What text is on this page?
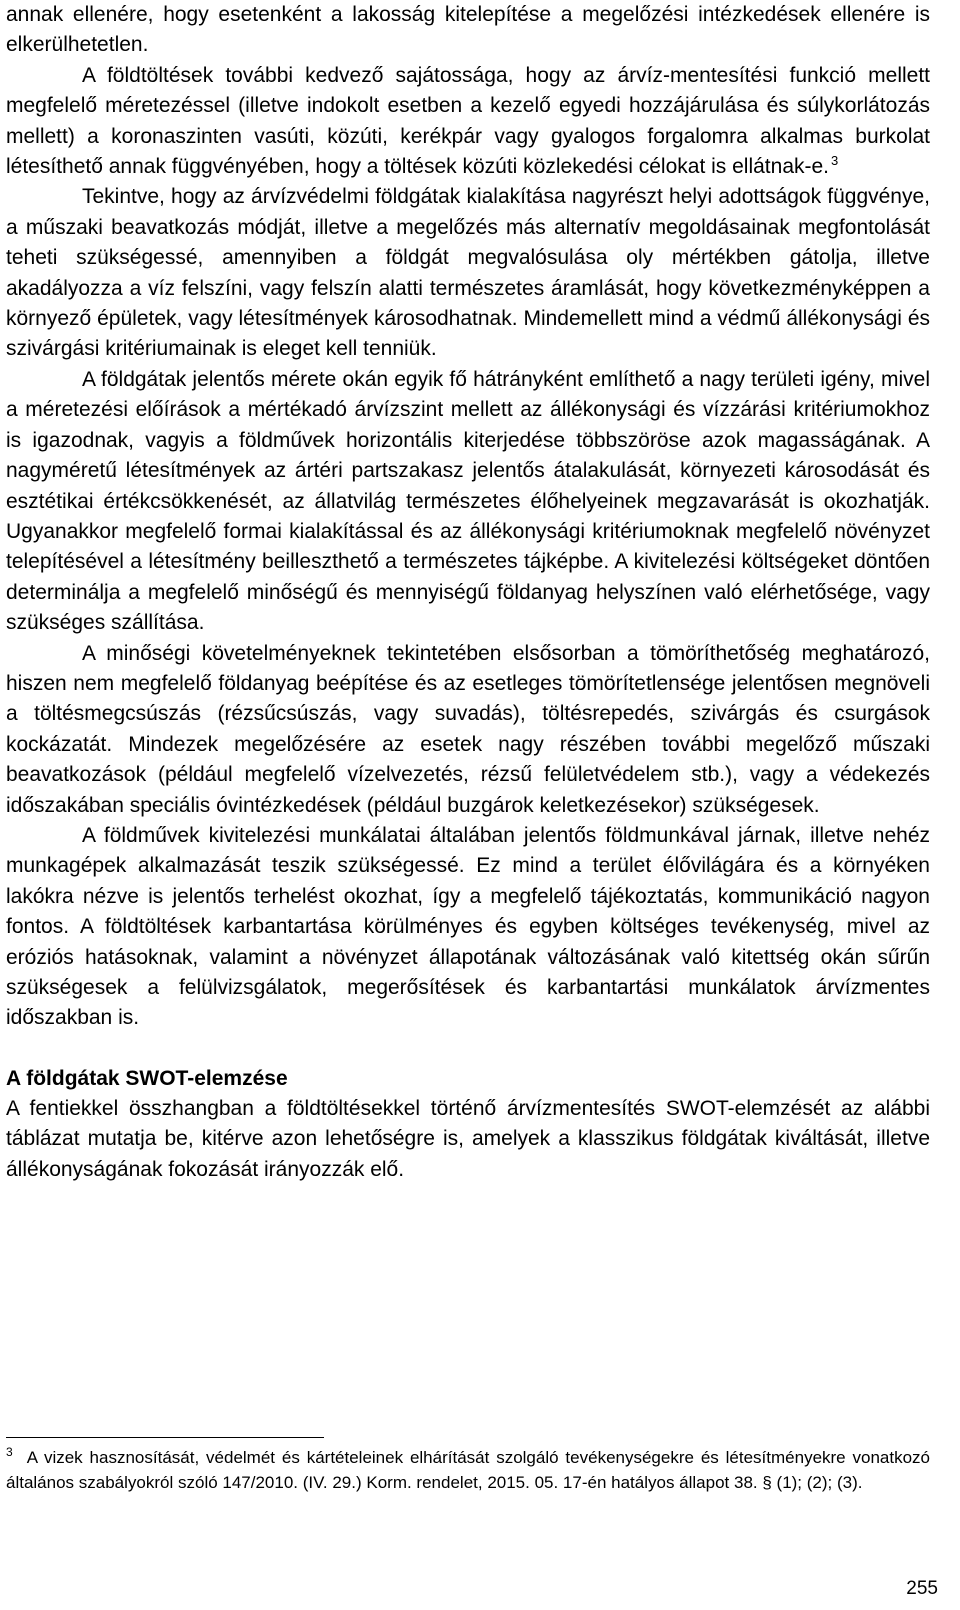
annak ellenére, hogy esetenként a lakosság kitelepítése a megelőzési intézkedések ellenére is elkerülhetetlen.

A földtöltések további kedvező sajátossága, hogy az árvíz-mentesítési funkció mellett megfelelő méretezéssel (illetve indokolt esetben a kezelő egyedi hozzájárulása és súlykorlátozás mellett) a koronaszinten vasúti, közúti, kerékpár vagy gyalogos forgalomra alkalmas burkolat létesíthető annak függvényében, hogy a töltések közúti közlekedési célokat is ellátnak-e. $^3$

Tekintve, hogy az árvízvédelmi földgátak kialakítása nagyrészt helyi adottságok függvénye, a műszaki beavatkozás módját, illetve a megelőzés más alternatív megoldásainak megfontolását teheti szükségessé, amennyiben a földgát megvalósulása oly mértékben gátolja, illetve akadályozza a víz felszíni, vagy felszín alatti természetes áramlását, hogy következményképpen a környező épületek, vagy létesítmények károsodhatnak. Mindemellett mind a védmű állékonysági és szivárgási kritériumainak is eleget kell tenniük.

A földgátak jelentős mérete okán egyik fő hátrányként említhető a nagy területi igény, mivel a méretezési előírások a mértékadó árvízszint mellett az állékonysági és vízzárási kritériumokhoz is igazodnak, vagyis a földművek horizontális kiterjedése többszöröse azok magasságának. A nagyméretű létesítmények az ártéri partszakasz jelentős átalakulását, környezeti károsodását és esztétikai értékcsökkenését, az állatvilág természetes élőhelyeinek megzavarását is okozhatják. Ugyanakkor megfelelő formai kialakítással és az állékonysági kritériumoknak megfelelő növényzet telepítésével a létesítmény beilleszthető a természetes tájképbe. A kivitelezési költségeket döntően determinálja a megfelelő minőségű és mennyiségű földanyag helyszínen való elérhetősége, vagy szükséges szállítása.

A minőségi követelményeknek tekintetében elsősorban a tömöríthetőség meghatározó, hiszen nem megfelelő földanyag beépítése és az esetleges tömörítetlensége jelentősen megnöveli a töltésmegcsúszás (rézsűcsúszás, vagy suvadás), töltésrepedés, szivárgás és csurgások kockázatát. Mindezek megelőzésére az esetek nagy részében további megelőző műszaki beavatkozások (például megfelelő vízelvezetés, rézsű felületvédelem stb.), vagy a védekezés időszakában speciális óvintézkedések (például buzgárok keletkezésekor) szükségesek.

A földművek kivitelezési munkálatai általában jelentős földmunkával járnak, illetve nehéz munkagépek alkalmazását teszik szükségessé. Ez mind a terület élővilágára és a környéken lakókra nézve is jelentős terhelést okozhat, így a megfelelő tájékoztatás, kommunikáció nagyon fontos. A földtöltések karbantartása körülményes és egyben költséges tevékenység, mivel az eróziós hatásoknak, valamint a növényzet állapotának változásának való kitettség okán sűrűn szükségesek a felülvizsgálatok, megerősítések és karbantartási munkálatok árvízmentes időszakban is.

A földgátak SWOT-elemzése

A fentiekkel összhangban a földtöltésekkel történő árvízmentesítés SWOT-elemzését az alábbi táblázat mutatja be, kitérve azon lehetőségre is, amelyek a klasszikus földgátak kiváltását, illetve állékonyságának fokozását irányozzák elő.

$^3$ A vizek hasznosítását, védelmét és kártételeinek elhárítását szolgáló tevékenységekre és létesítményekre vonatkozó általános szabályokról szóló 147/2010. (IV. 29.) Korm. rendelet, 2015. 05. 17-én hatályos állapot 38. § (1); (2); (3).

255
